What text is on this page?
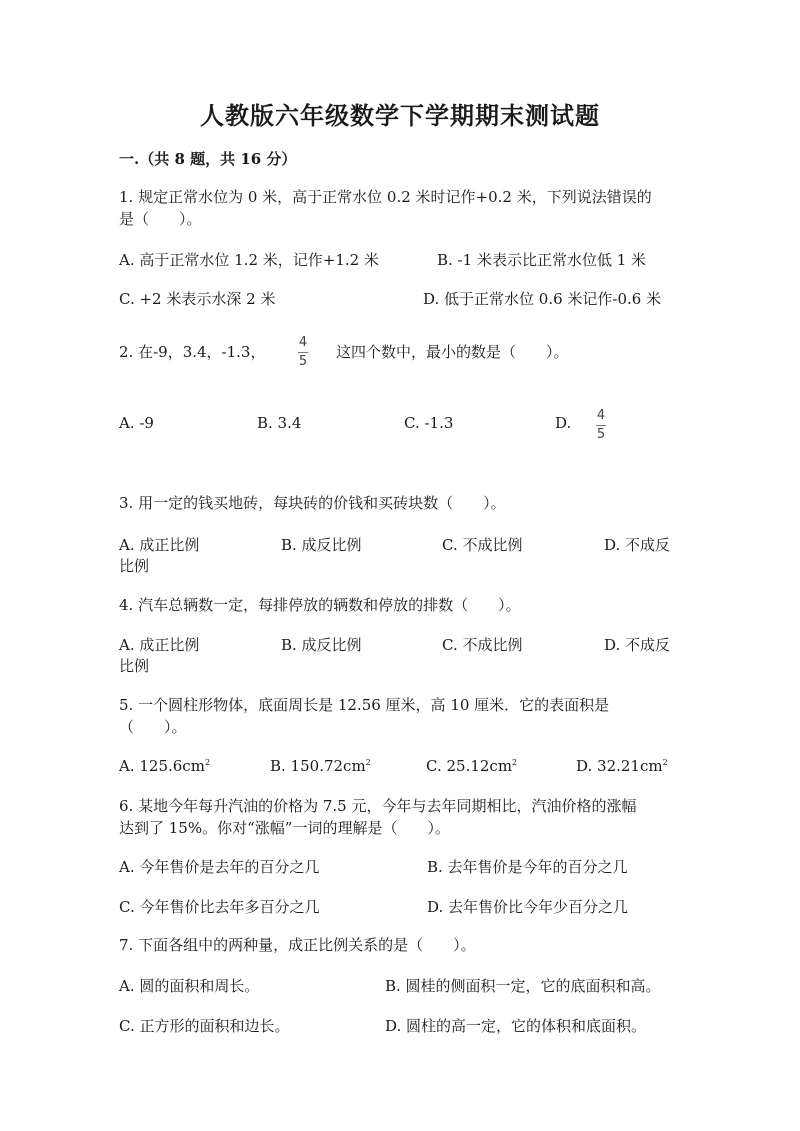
人教版六年级数学下学期期末测试题
一.（共 8 题，共 16 分）
1. 规定正常水位为 0 米，高于正常水位 0.2 米时记作+0.2 米，下列说法错误的
是（　　）。
A. 高于正常水位 1.2 米，记作+1.2 米	B. -1 米表示比正常水位低 1 米
C. +2 米表示水深 2 米	D. 低于正常水位 0.6 米记作-0.6 米
2. 在-9，3.4，-1.3，
4
5
这四个数中，最小的数是（　　）。
A. -9	B. 3.4	C. -1.3	D. 4
5
3. 用一定的钱买地砖，每块砖的价钱和买砖块数（　　）。
A. 成正比例	B. 成反比例	C. 不成比例	D. 不成反
比例
4. 汽车总辆数一定，每排停放的辆数和停放的排数（　　）。
A. 成正比例	B. 成反比例	C. 不成比例	D. 不成反
比例
5. 一个圆柱形物体，底面周长是 12.56 厘米，高 10 厘米．它的表面积是
（　　）。
A. $125.6cm^2$	B. $150.72cm^2$	C. $25.12cm^2$	D. $32.21cm^2$
6. 某地今年每升汽油的价格为 7.5 元，今年与去年同期相比，汽油价格的涨幅
达到了 15%。你对“涨幅”一词的理解是（　　）。
A. 今年售价是去年的百分之几	B. 去年售价是今年的百分之几
C. 今年售价比去年多百分之几	D. 去年售价比今年少百分之几
7. 下面各组中的两种量，成正比例关系的是（　　）。
A. 圆的面积和周长。	B. 圆桂的侧面积一定，它的底面积和高。
C. 正方形的面积和边长。	D. 圆柱的高一定，它的体积和底面积。
